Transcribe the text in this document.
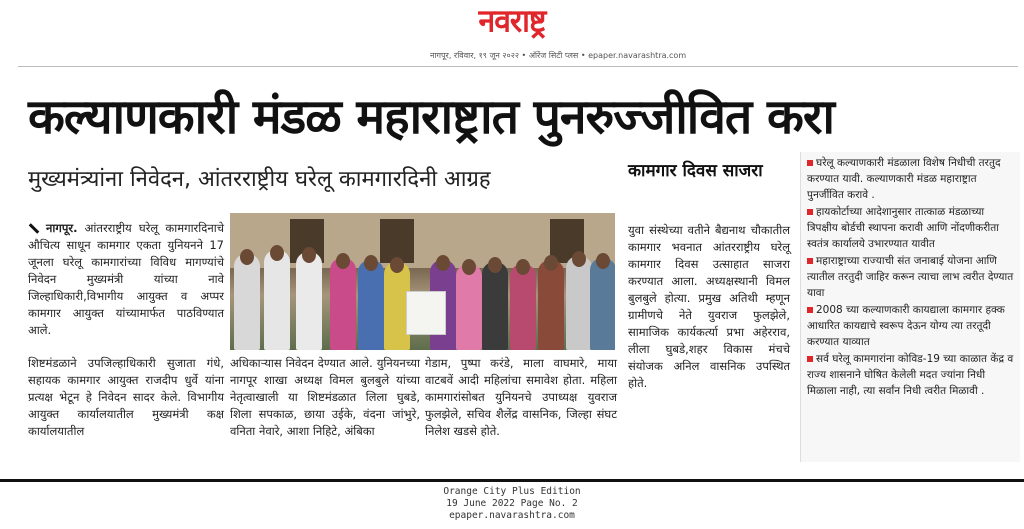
नवराष्ट्र
नागपूर, रविवार, १९ जून २०२२ • ऑरेंज सिटी प्लस • epaper.navarashtra.com
कल्याणकारी मंडळ महाराष्ट्रात पुनरुज्जीवित करा
मुख्यमंत्र्यांना निवेदन, आंतरराष्ट्रीय घरेलू कामगारदिनी आग्रह
नागपूर. आंतरराष्ट्रीय घरेलू कामगारदिनाचे औचित्य साधून कामगार एकता युनियनने 17 जूनला घरेलू कामगारांच्या विविध मागण्यांचे निवेदन मुख्यमंत्री यांच्या नावे जिल्हाधिकारी,विभागीय आयुक्त व अप्पर कामगार आयुक्त यांच्यामार्फत पाठविण्यात आले.
शिष्टमंडळाने उपजिल्हाधिकारी सुजाता गंधे, सहायक कामगार आयुक्त राजदीप धुर्वे यांना प्रत्यक्ष भेटून हे निवेदन सादर केले. विभागीय आयुक्त कार्यालयातील मुख्यमंत्री कक्ष कार्यालयातील
अधिकाऱ्यास निवेदन देण्यात आले. युनियनच्या नागपूर शाखा अध्यक्ष विमल बुलबुले यांच्या नेतृत्वाखाली या शिष्टमंडळात लिला घुबडे, शिला सपकाळ, छाया उईके, वंदना जांभुरे, वनिता नेवारे, आशा निहिटे, अंबिका
गेडाम, पुष्पा करंडे, माला वाघमारे, माया वाटबवें आदी महिलांचा समावेश होता. महिला कामगारांसोबत युनियनचे उपाध्यक्ष युवराज फुलझेले, सचिव शैलेंद्र वासनिक, जिल्हा संघट निलेश खडसे होते.
कामगार दिवस साजरा
युवा संस्थेच्या वतीने बैद्यनाथ चौकातील कामगार भवनात आंतरराष्ट्रीय घरेलू कामगार दिवस उत्साहात साजरा करण्यात आला. अध्यक्षस्थानी विमल बुलबुले होत्या. प्रमुख अतिथी म्हणून ग्रामीणचे नेते युवराज फुलझेले, सामाजिक कार्यकर्त्या प्रभा अहेरराव, लीला घुबडे,शहर विकास मंचचे संयोजक अनिल वासनिक उपस्थित होते.
घरेलू कल्याणकारी मंडळाला विशेष निधीची तरतुद करण्यात यावी. कल्याणकारी मंडळ महाराष्ट्रात पुनर्जीवित करावे .
हायकोर्टाच्या आदेशानुसार तात्काळ मंडळाच्या त्रिपक्षीय बोर्डची स्थापना करावी आणि नोंदणीकरीता स्वतंत्र कार्यालये उभारण्यात यावीत
महाराष्ट्राच्या राज्याची संत जनाबाई योजना आणि त्यातील तरतुदी जाहिर करून त्याचा लाभ त्वरीत देण्यात यावा
2008 च्या कल्याणकारी कायद्याला कामगार हक्क आधारित कायद्याचे स्वरूप देऊन योग्य त्या तरतूदी करण्यात याव्यात
सर्व घरेलू कामगारांना कोविड-19 च्या काळात केंद्र व राज्य शासनाने घोषित केलेली मदत ज्यांना निधी मिळाला नाही, त्या सर्वांन निधी त्वरीत मिळावी .
Orange City Plus Edition
19 June 2022 Page No. 2
epaper.navarashtra.com
